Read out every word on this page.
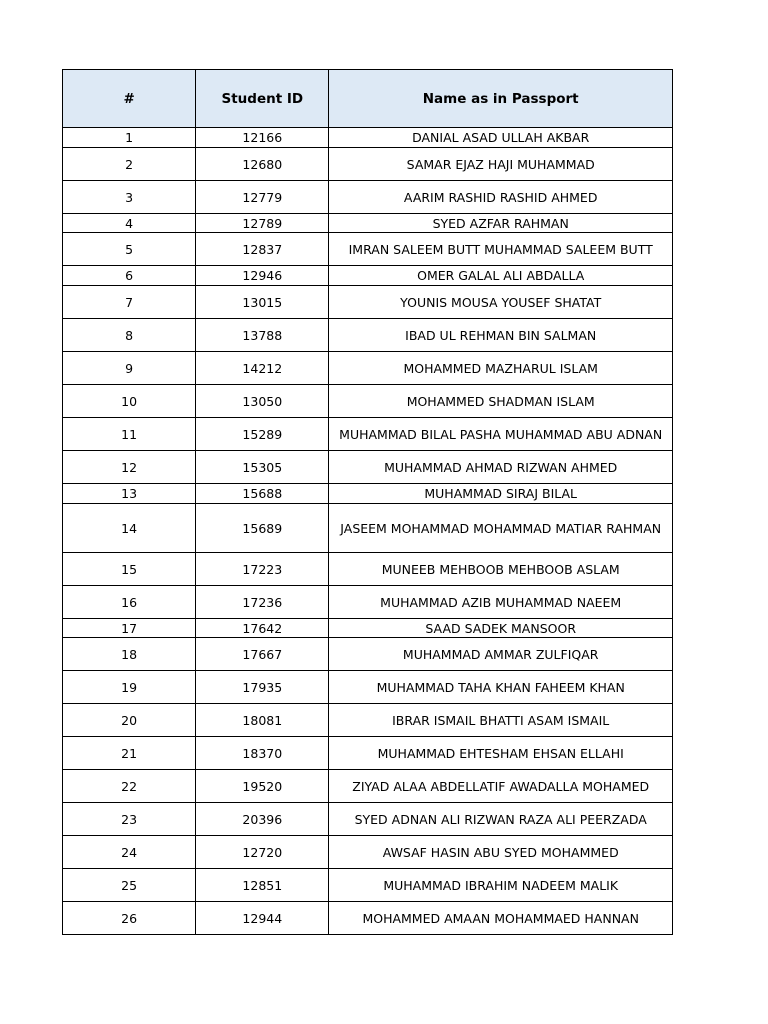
#	Student ID	Name as in Passport
1	12166	DANIAL ASAD ULLAH AKBAR
2	12680	SAMAR EJAZ HAJI MUHAMMAD
3	12779	AARIM RASHID RASHID AHMED
4	12789	SYED AZFAR RAHMAN
5	12837	IMRAN SALEEM BUTT MUHAMMAD SALEEM BUTT
6	12946	OMER GALAL ALI ABDALLA
7	13015	YOUNIS MOUSA YOUSEF SHATAT
8	13788	IBAD UL REHMAN BIN SALMAN
9	14212	MOHAMMED MAZHARUL ISLAM
10	13050	MOHAMMED SHADMAN ISLAM
11	15289	MUHAMMAD BILAL PASHA MUHAMMAD ABU ADNAN
12	15305	MUHAMMAD AHMAD RIZWAN AHMED
13	15688	MUHAMMAD SIRAJ BILAL
14	15689	JASEEM MOHAMMAD MOHAMMAD MATIAR RAHMAN
15	17223	MUNEEB MEHBOOB MEHBOOB ASLAM
16	17236	MUHAMMAD AZIB MUHAMMAD NAEEM
17	17642	SAAD SADEK MANSOOR
18	17667	MUHAMMAD AMMAR ZULFIQAR
19	17935	MUHAMMAD TAHA KHAN FAHEEM KHAN
20	18081	IBRAR ISMAIL BHATTI ASAM ISMAIL
21	18370	MUHAMMAD EHTESHAM EHSAN ELLAHI
22	19520	ZIYAD ALAA ABDELLATIF AWADALLA MOHAMED
23	20396	SYED ADNAN ALI RIZWAN RAZA ALI PEERZADA
24	12720	AWSAF HASIN ABU SYED MOHAMMED
25	12851	MUHAMMAD IBRAHIM NADEEM MALIK
26	12944	MOHAMMED AMAAN MOHAMMAED HANNAN
